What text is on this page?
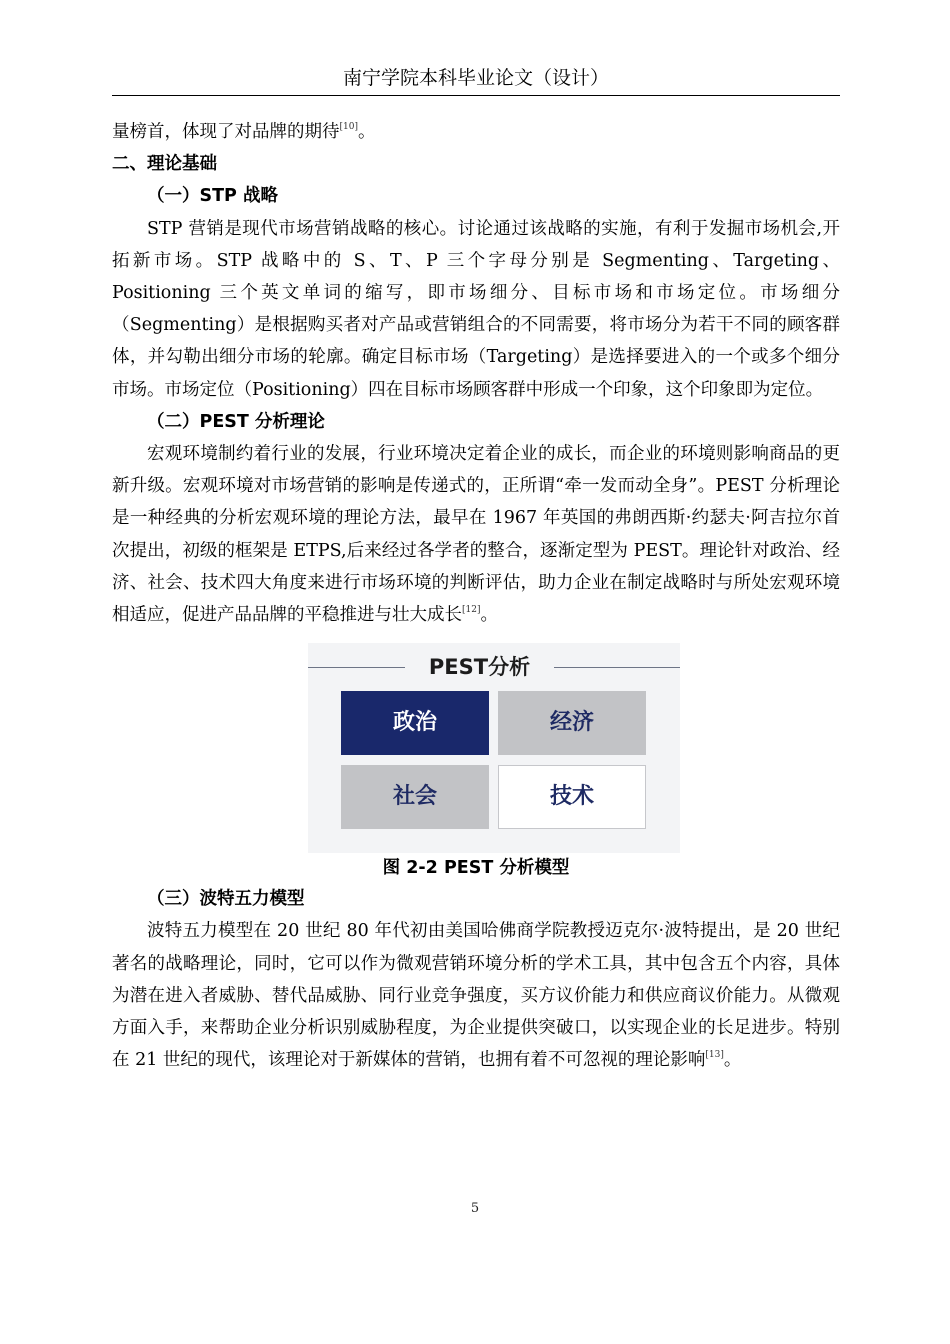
南宁学院本科毕业论文（设计）

量榜首，体现了对品牌的期待[10]。

二、理论基础

（一）STP 战略

STP 营销是现代市场营销战略的核心。讨论通过该战略的实施，有利于发掘市场机会,开拓新市场。STP 战略中的 S、T、P 三个字母分别是 Segmenting、Targeting、Positioning 三个英文单词的缩写，即市场细分、目标市场和市场定位。市场细分（Segmenting）是根据购买者对产品或营销组合的不同需要，将市场分为若干不同的顾客群体，并勾勒出细分市场的轮廓。确定目标市场（Targeting）是选择要进入的一个或多个细分市场。市场定位（Positioning）四在目标市场顾客群中形成一个印象，这个印象即为定位。

（二）PEST 分析理论

宏观环境制约着行业的发展，行业环境决定着企业的成长，而企业的环境则影响商品的更新升级。宏观环境对市场营销的影响是传递式的，正所谓“牵一发而动全身”。PEST 分析理论是一种经典的分析宏观环境的理论方法，最早在 1967 年英国的弗朗西斯·约瑟夫·阿吉拉尔首次提出，初级的框架是 ETPS,后来经过各学者的整合，逐渐定型为 PEST。理论针对政治、经济、社会、技术四大角度来进行市场环境的判断评估，助力企业在制定战略时与所处宏观环境相适应，促进产品品牌的平稳推进与壮大成长[12]。

PEST分析
政治	经济
社会	技术

图 2-2 PEST 分析模型

（三）波特五力模型

波特五力模型在 20 世纪 80 年代初由美国哈佛商学院教授迈克尔·波特提出，是 20 世纪著名的战略理论，同时，它可以作为微观营销环境分析的学术工具，其中包含五个内容，具体为潜在进入者威胁、替代品威胁、同行业竞争强度，买方议价能力和供应商议价能力。从微观方面入手，来帮助企业分析识别威胁程度，为企业提供突破口，以实现企业的长足进步。特别在 21 世纪的现代，该理论对于新媒体的营销，也拥有着不可忽视的理论影响[13]。

5
